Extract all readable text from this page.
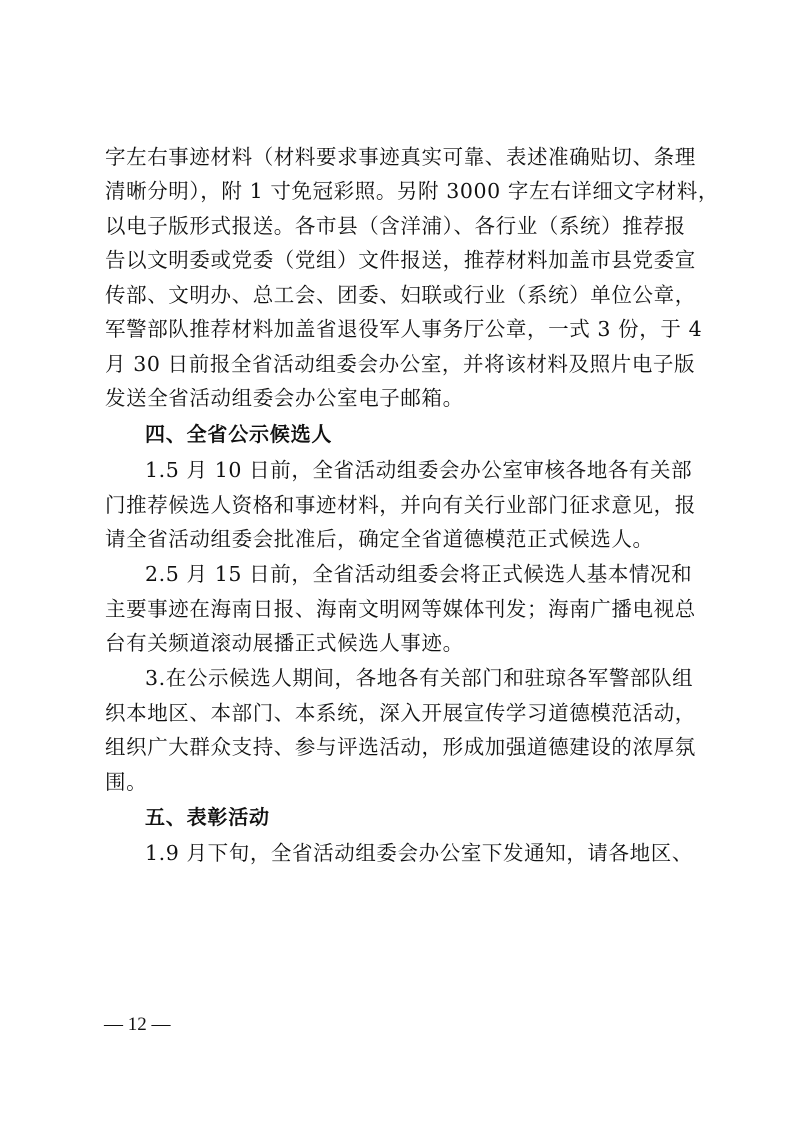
字左右事迹材料（材料要求事迹真实可靠、表述准确贴切、条理
清晰分明），附 1 寸免冠彩照。另附 3000 字左右详细文字材料，
以电子版形式报送。各市县（含洋浦）、各行业（系统）推荐报
告以文明委或党委（党组）文件报送，推荐材料加盖市县党委宣
传部、文明办、总工会、团委、妇联或行业（系统）单位公章，
军警部队推荐材料加盖省退役军人事务厅公章，一式 3 份，于 4
月 30 日前报全省活动组委会办公室，并将该材料及照片电子版
发送全省活动组委会办公室电子邮箱。
四、全省公示候选人
1.5 月 10 日前，全省活动组委会办公室审核各地各有关部
门推荐候选人资格和事迹材料，并向有关行业部门征求意见，报
请全省活动组委会批准后，确定全省道德模范正式候选人。
2.5 月 15 日前，全省活动组委会将正式候选人基本情况和
主要事迹在海南日报、海南文明网等媒体刊发；海南广播电视总
台有关频道滚动展播正式候选人事迹。
3.在公示候选人期间，各地各有关部门和驻琼各军警部队组
织本地区、本部门、本系统，深入开展宣传学习道德模范活动，
组织广大群众支持、参与评选活动，形成加强道德建设的浓厚氛
围。
五、表彰活动
1.9 月下旬，全省活动组委会办公室下发通知，请各地区、
— 12 —
